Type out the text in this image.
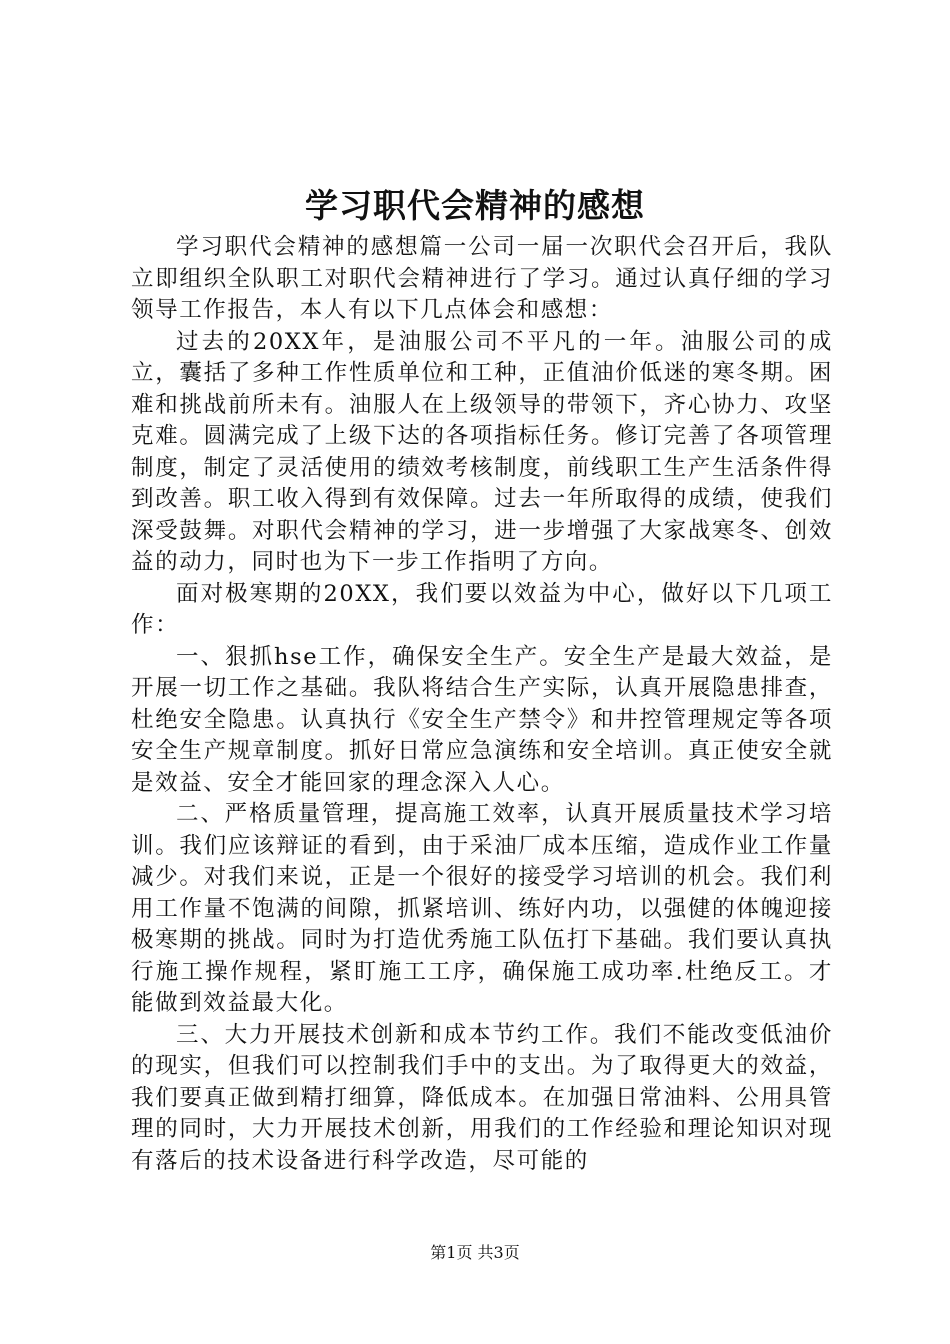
学习职代会精神的感想

学习职代会精神的感想篇一公司一届一次职代会召开后，我队立即组织全队职工对职代会精神进行了学习。通过认真仔细的学习领导工作报告，本人有以下几点体会和感想：

过去的20XX年，是油服公司不平凡的一年。油服公司的成立，囊括了多种工作性质单位和工种，正值油价低迷的寒冬期。困难和挑战前所未有。油服人在上级领导的带领下，齐心协力、攻坚克难。圆满完成了上级下达的各项指标任务。修订完善了各项管理制度，制定了灵活使用的绩效考核制度，前线职工生产生活条件得到改善。职工收入得到有效保障。过去一年所取得的成绩，使我们深受鼓舞。对职代会精神的学习，进一步增强了大家战寒冬、创效益的动力，同时也为下一步工作指明了方向。

面对极寒期的20XX，我们要以效益为中心，做好以下几项工作：

一、狠抓hse工作，确保安全生产。安全生产是最大效益，是开展一切工作之基础。我队将结合生产实际，认真开展隐患排查，杜绝安全隐患。认真执行《安全生产禁令》和井控管理规定等各项安全生产规章制度。抓好日常应急演练和安全培训。真正使安全就是效益、安全才能回家的理念深入人心。

二、严格质量管理，提高施工效率，认真开展质量技术学习培训。我们应该辩证的看到，由于采油厂成本压缩，造成作业工作量减少。对我们来说，正是一个很好的接受学习培训的机会。我们利用工作量不饱满的间隙，抓紧培训、练好内功，以强健的体魄迎接极寒期的挑战。同时为打造优秀施工队伍打下基础。我们要认真执行施工操作规程，紧盯施工工序，确保施工成功率.杜绝反工。才能做到效益最大化。

三、大力开展技术创新和成本节约工作。我们不能改变低油价的现实，但我们可以控制我们手中的支出。为了取得更大的效益，我们要真正做到精打细算，降低成本。在加强日常油料、公用具管理的同时，大力开展技术创新，用我们的工作经验和理论知识对现有落后的技术设备进行科学改造，尽可能的

第1页 共3页
